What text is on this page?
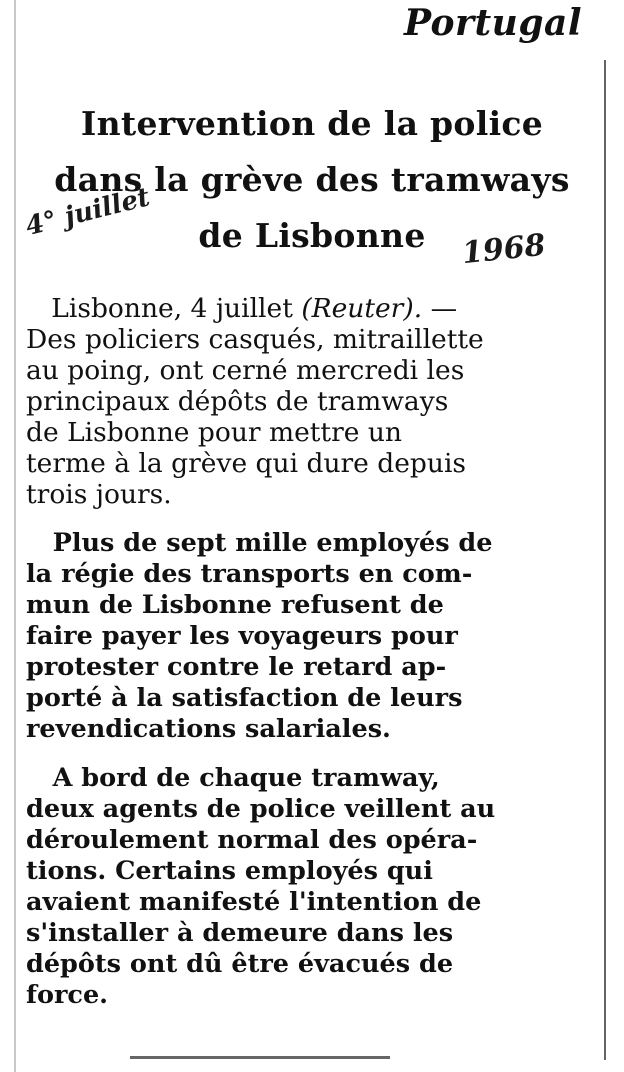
Portugal
Intervention de la police
dans la grève des tramways
de Lisbonne
4° juillet
1968

Lisbonne, 4 juillet (Reuter). —
Des policiers casqués, mitraillette
au poing, ont cerné mercredi les
principaux dépôts de tramways
de Lisbonne pour mettre un
terme à la grève qui dure depuis
trois jours.

Plus de sept mille employés de
la régie des transports en com-
mun de Lisbonne refusent de
faire payer les voyageurs pour
protester contre le retard ap-
porté à la satisfaction de leurs
revendications salariales.

A bord de chaque tramway,
deux agents de police veillent au
déroulement normal des opéra-
tions. Certains employés qui
avaient manifesté l'intention de
s'installer à demeure dans les
dépôts ont dû être évacués de
force.
